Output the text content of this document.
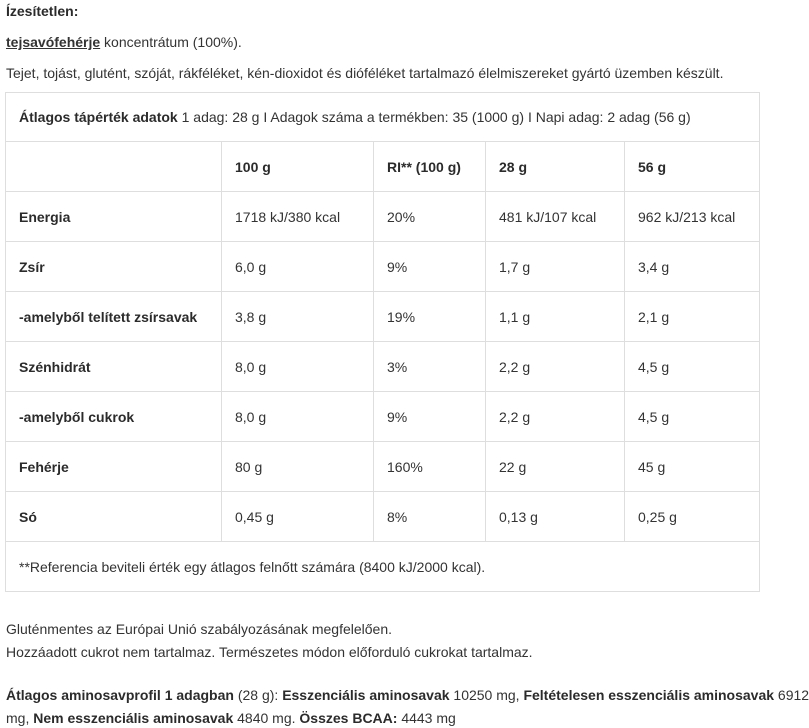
Ízesítetlen:
tejsavófehérje koncentrátum (100%).
Tejet, tojást, glutént, szóját, rákféléket, kén-dioxidot és dióféléket tartalmazó élelmiszereket gyártó üzemben készült.
Átlagos tápérték adatok 1 adag: 28 g I Adagok száma a termékben: 35 (1000 g) I Napi adag: 2 adag (56 g)				
	100 g	RI** (100 g)	28 g	56 g
Energia	1718 kJ/380 kcal	20%	481 kJ/107 kcal	962 kJ/213 kcal
Zsír	6,0 g	9%	1,7 g	3,4 g
-amelyből telített zsírsavak	3,8 g	19%	1,1 g	2,1 g
Szénhidrát	8,0 g	3%	2,2 g	4,5 g
-amelyből cukrok	8,0 g	9%	2,2 g	4,5 g
Fehérje	80 g	160%	22 g	45 g
Só	0,45 g	8%	0,13 g	0,25 g
**Referencia beviteli érték egy átlagos felnőtt számára (8400 kJ/2000 kcal).				
Gluténmentes az Európai Unió szabályozásának megfelelően.
Hozzáadott cukrot nem tartalmaz. Természetes módon előforduló cukrokat tartalmaz.
Átlagos aminosavprofil 1 adagban (28 g): Esszenciális aminosavak 10250 mg, Feltételesen esszenciális aminosavak 6912
mg, Nem esszenciális aminosavak 4840 mg. Összes BCAA: 4443 mg
